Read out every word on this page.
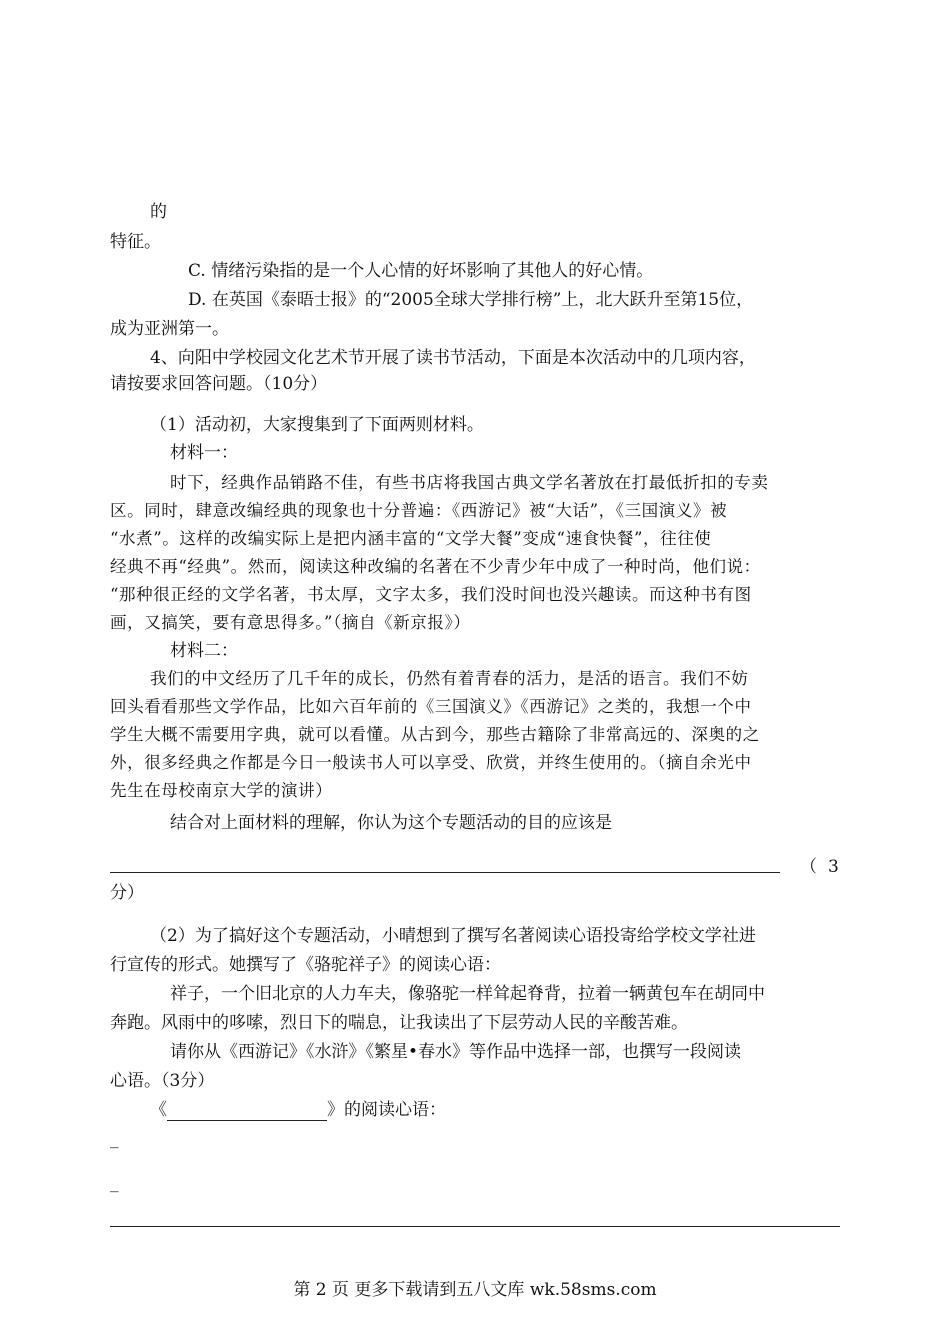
的
特征。
C. 情绪污染指的是一个人心情的好坏影响了其他人的好心情。
D. 在英国《泰晤士报》的“2005全球大学排行榜”上，北大跃升至第15位，
成为亚洲第一。
4、向阳中学校园文化艺术节开展了读书节活动，下面是本次活动中的几项内容，
请按要求回答问题。（10分）
（1）活动初，大家搜集到了下面两则材料。
材料一：
时下，经典作品销路不佳，有些书店将我国古典文学名著放在打最低折扣的专卖
区。同时，肆意改编经典的现象也十分普遍：《西游记》被“大话”，《三国演义》被
“水煮”。这样的改编实际上是把内涵丰富的“文学大餐”变成“速食快餐”，往往使
经典不再“经典”。然而，阅读这种改编的名著在不少青少年中成了一种时尚，他们说：
“那种很正经的文学名著，书太厚，文字太多，我们没时间也没兴趣读。而这种书有图
画，又搞笑，要有意思得多。”（摘自《新京报》）
材料二：
我们的中文经历了几千年的成长，仍然有着青春的活力，是活的语言。我们不妨
回头看看那些文学作品，比如六百年前的《三国演义》《西游记》之类的，我想一个中
学生大概不需要用字典，就可以看懂。从古到今，那些古籍除了非常高远的、深奥的之
外，很多经典之作都是今日一般读书人可以享受、欣赏，并终生使用的。（摘自余光中
先生在母校南京大学的演讲）
结合对上面材料的理解，你认为这个专题活动的目的应该是
（ 3
分）
（2）为了搞好这个专题活动，小晴想到了撰写名著阅读心语投寄给学校文学社进
行宣传的形式。她撰写了《骆驼祥子》的阅读心语：
祥子，一个旧北京的人力车夫，像骆驼一样耸起脊背，拉着一辆黄包车在胡同中
奔跑。风雨中的哆嗦，烈日下的喘息，让我读出了下层劳动人民的辛酸苦难。
请你从《西游记》《水浒》《繁星•春水》等作品中选择一部，也撰写一段阅读
心语。（3分）
《	》的阅读心语：
_
_
第 2 页 更多下载请到五八文库 wk.58sms.com
